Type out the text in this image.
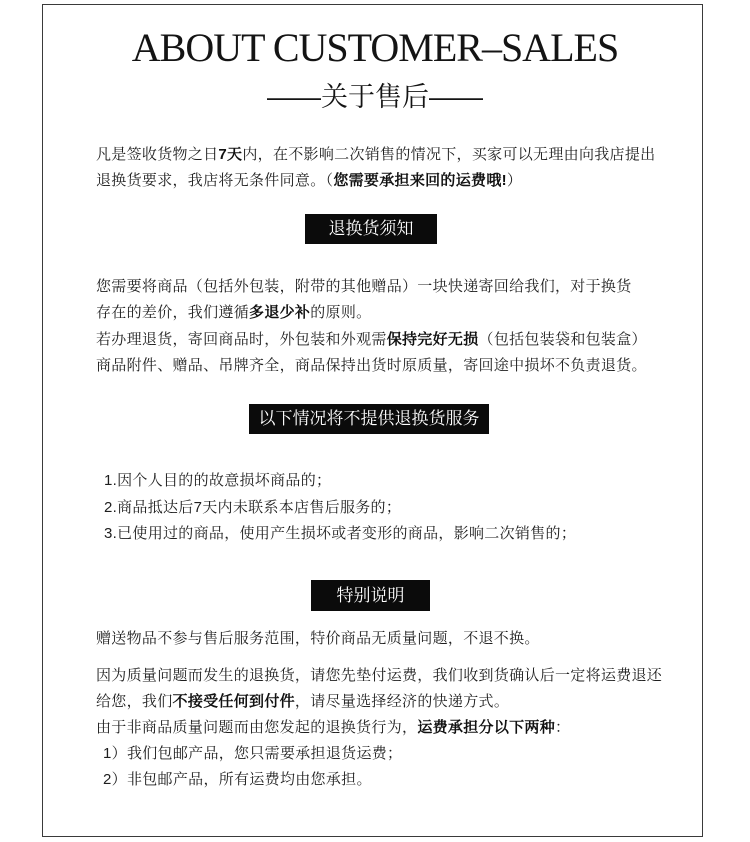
ABOUT CUSTOMER–SALES
——关于售后——
凡是签收货物之日7天内，在不影响二次销售的情况下，买家可以无理由向我店提出
退换货要求，我店将无条件同意。（您需要承担来回的运费哦!）
退换货须知
您需要将商品（包括外包装，附带的其他赠品）一块快递寄回给我们，对于换货
存在的差价，我们遵循多退少补的原则。
若办理退货，寄回商品时，外包装和外观需保持完好无损（包括包装袋和包装盒）
商品附件、赠品、吊牌齐全，商品保持出货时原质量，寄回途中损坏不负责退货。
以下情况将不提供退换货服务
1.因个人目的的故意损坏商品的；
2.商品抵达后7天内未联系本店售后服务的；
3.已使用过的商品，使用产生损坏或者变形的商品，影响二次销售的；
特别说明
赠送物品不参与售后服务范围，特价商品无质量问题，不退不换。
因为质量问题而发生的退换货，请您先垫付运费，我们收到货确认后一定将运费退还
给您，我们不接受任何到付件，请尽量选择经济的快递方式。
由于非商品质量问题而由您发起的退换货行为，运费承担分以下两种：
1）我们包邮产品，您只需要承担退货运费；
2）非包邮产品，所有运费均由您承担。
